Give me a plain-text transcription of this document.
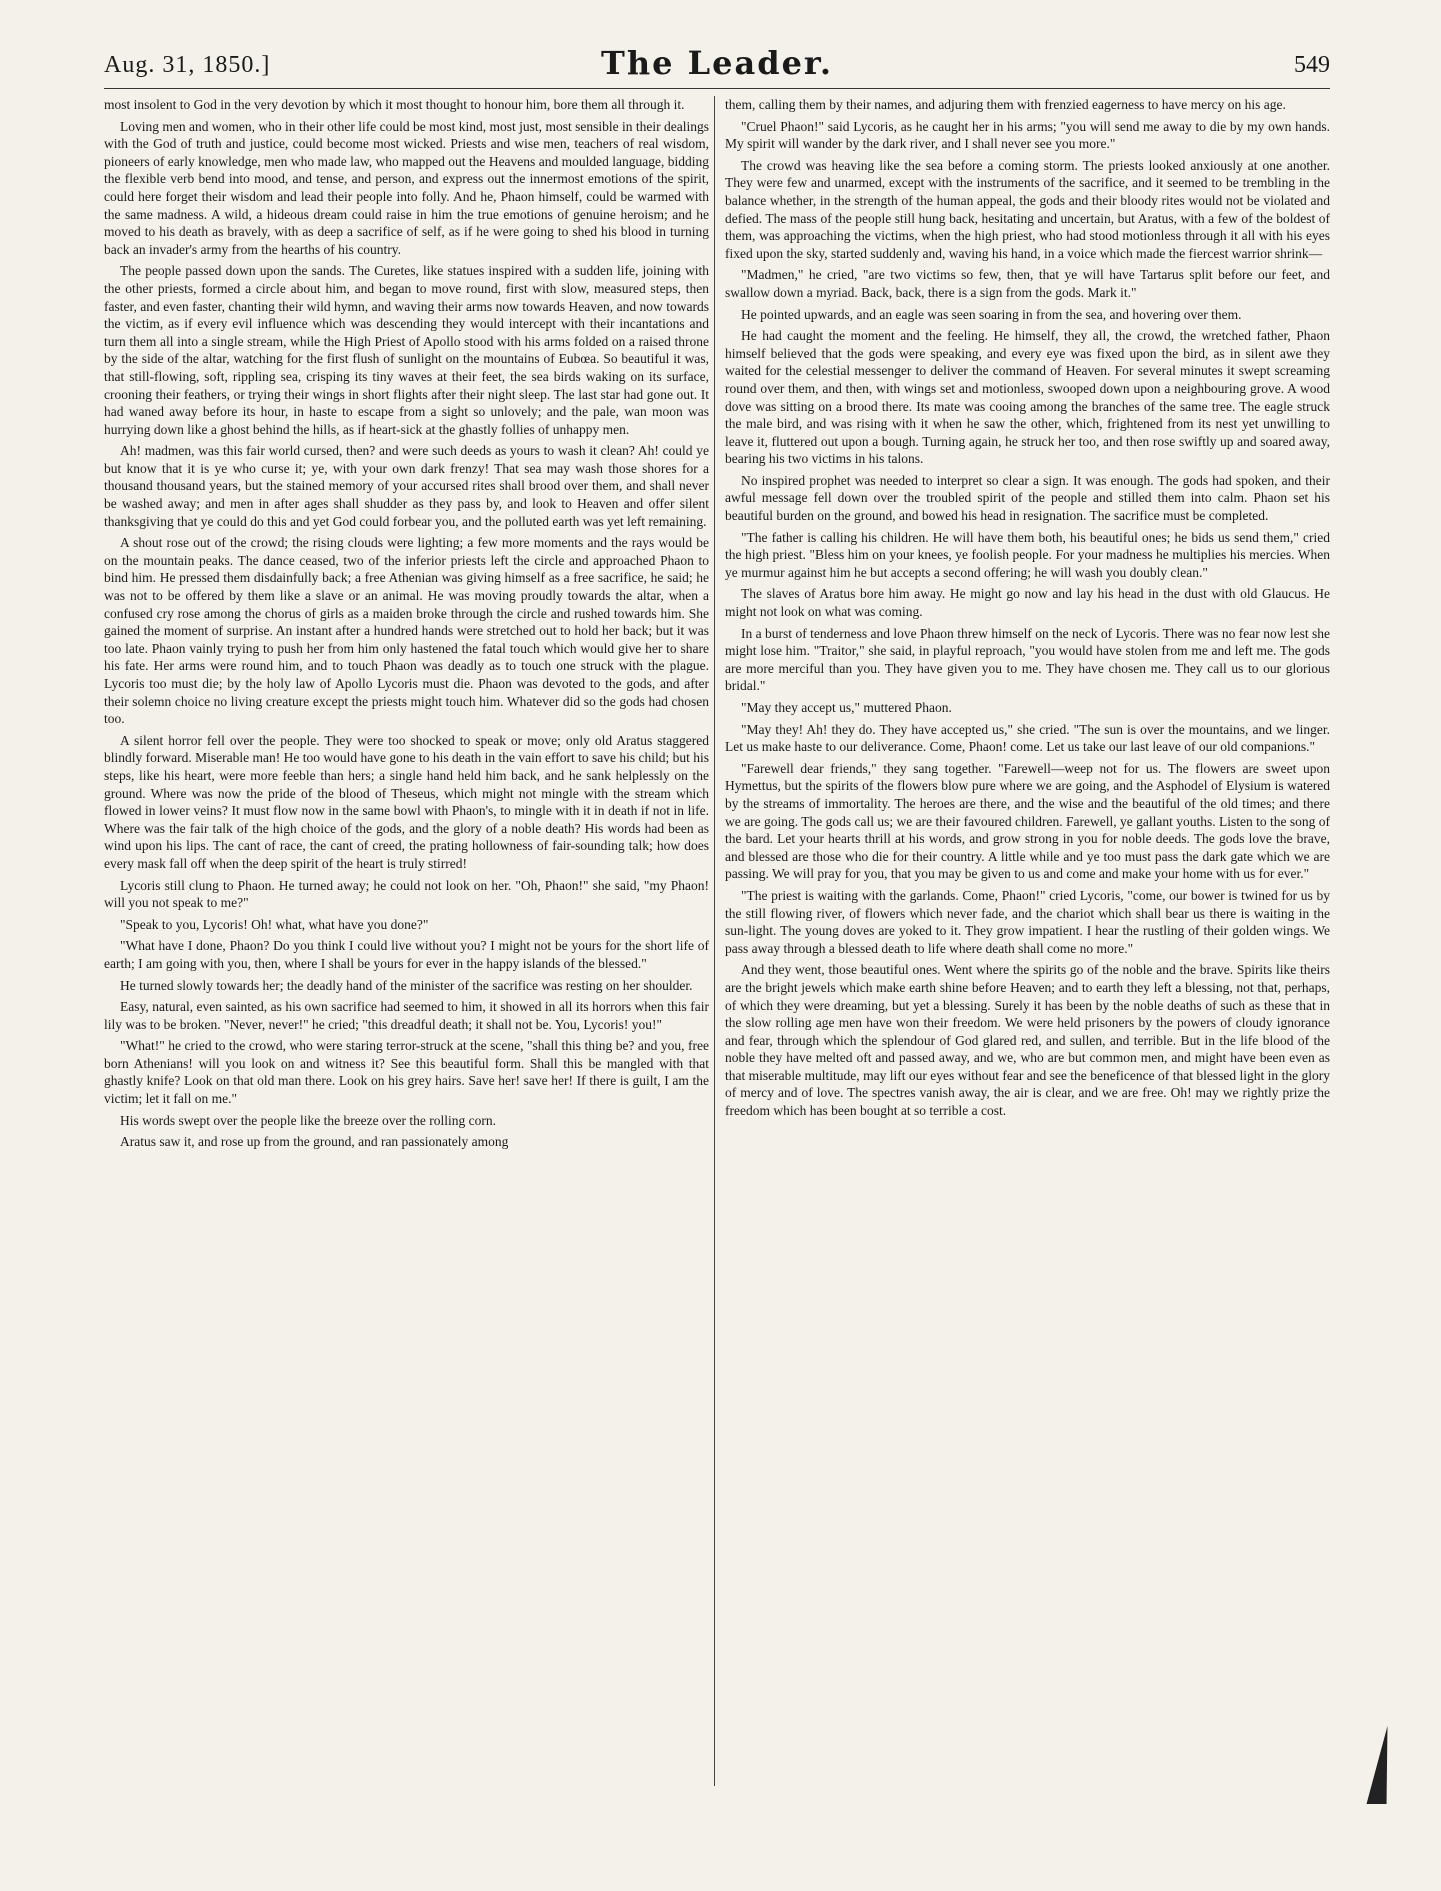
Aug. 31, 1850.]	The Leader.	549

most insolent to God in the very devotion by which it most thought to honour him, bore them all through it.

Loving men and women, who in their other life could be most kind, most just, most sensible in their dealings with the God of truth and justice, could become most wicked. Priests and wise men, teachers of real wisdom, pioneers of early knowledge, men who made law, who mapped out the Heavens and moulded language, bidding the flexible verb bend into mood, and tense, and person, and express out the innermost emotions of the spirit, could here forget their wisdom and lead their people into folly. And he, Phaon himself, could be warmed with the same madness. A wild, a hideous dream could raise in him the true emotions of genuine heroism; and he moved to his death as bravely, with as deep a sacrifice of self, as if he were going to shed his blood in turning back an invader's army from the hearths of his country.

The people passed down upon the sands. The Curetes, like statues inspired with a sudden life, joining with the other priests, formed a circle about him, and began to move round, first with slow, measured steps, then faster, and even faster, chanting their wild hymn, and waving their arms now towards Heaven, and now towards the victim, as if every evil influence which was descending they would intercept with their incantations and turn them all into a single stream, while the High Priest of Apollo stood with his arms folded on a raised throne by the side of the altar, watching for the first flush of sunlight on the mountains of Eubœa. So beautiful it was, that still-flowing, soft, rippling sea, crisping its tiny waves at their feet, the sea birds waking on its surface, crooning their feathers, or trying their wings in short flights after their night sleep. The last star had gone out. It had waned away before its hour, in haste to escape from a sight so unlovely; and the pale, wan moon was hurrying down like a ghost behind the hills, as if heart-sick at the ghastly follies of unhappy men.

Ah! madmen, was this fair world cursed, then? and were such deeds as yours to wash it clean? Ah! could ye but know that it is ye who curse it; ye, with your own dark frenzy! That sea may wash those shores for a thousand thousand years, but the stained memory of your accursed rites shall brood over them, and shall never be washed away; and men in after ages shall shudder as they pass by, and look to Heaven and offer silent thanksgiving that ye could do this and yet God could forbear you, and the polluted earth was yet left remaining.

A shout rose out of the crowd; the rising clouds were lighting; a few more moments and the rays would be on the mountain peaks. The dance ceased, two of the inferior priests left the circle and approached Phaon to bind him. He pressed them disdainfully back; a free Athenian was giving himself as a free sacrifice, he said; he was not to be offered by them like a slave or an animal. He was moving proudly towards the altar, when a confused cry rose among the chorus of girls as a maiden broke through the circle and rushed towards him. She gained the moment of surprise. An instant after a hundred hands were stretched out to hold her back; but it was too late. Phaon vainly trying to push her from him only hastened the fatal touch which would give her to share his fate. Her arms were round him, and to touch Phaon was deadly as to touch one struck with the plague. Lycoris too must die; by the holy law of Apollo Lycoris must die. Phaon was devoted to the gods, and after their solemn choice no living creature except the priests might touch him. Whatever did so the gods had chosen too.

A silent horror fell over the people. They were too shocked to speak or move; only old Aratus staggered blindly forward. Miserable man! He too would have gone to his death in the vain effort to save his child; but his steps, like his heart, were more feeble than hers; a single hand held him back, and he sank helplessly on the ground. Where was now the pride of the blood of Theseus, which might not mingle with the stream which flowed in lower veins? It must flow now in the same bowl with Phaon's, to mingle with it in death if not in life. Where was the fair talk of the high choice of the gods, and the glory of a noble death? His words had been as wind upon his lips. The cant of race, the cant of creed, the prating hollowness of fair-sounding talk; how does every mask fall off when the deep spirit of the heart is truly stirred!

Lycoris still clung to Phaon. He turned away; he could not look on her. "Oh, Phaon!" she said, "my Phaon! will you not speak to me?"

"Speak to you, Lycoris! Oh! what, what have you done?"

"What have I done, Phaon? Do you think I could live without you? I might not be yours for the short life of earth; I am going with you, then, where I shall be yours for ever in the happy islands of the blessed."

He turned slowly towards her; the deadly hand of the minister of the sacrifice was resting on her shoulder.

Easy, natural, even sainted, as his own sacrifice had seemed to him, it showed in all its horrors when this fair lily was to be broken. "Never, never!" he cried; "this dreadful death; it shall not be. You, Lycoris! you!"

"What!" he cried to the crowd, who were staring terror-struck at the scene, "shall this thing be? and you, free born Athenians! will you look on and witness it? See this beautiful form. Shall this be mangled with that ghastly knife? Look on that old man there. Look on his grey hairs. Save her! save her! If there is guilt, I am the victim; let it fall on me."

His words swept over the people like the breeze over the rolling corn.

Aratus saw it, and rose up from the ground, and ran passionately among

them, calling them by their names, and adjuring them with frenzied eagerness to have mercy on his age.

"Cruel Phaon!" said Lycoris, as he caught her in his arms; "you will send me away to die by my own hands. My spirit will wander by the dark river, and I shall never see you more."

The crowd was heaving like the sea before a coming storm. The priests looked anxiously at one another. They were few and unarmed, except with the instruments of the sacrifice, and it seemed to be trembling in the balance whether, in the strength of the human appeal, the gods and their bloody rites would not be violated and defied. The mass of the people still hung back, hesitating and uncertain, but Aratus, with a few of the boldest of them, was approaching the victims, when the high priest, who had stood motionless through it all with his eyes fixed upon the sky, started suddenly and, waving his hand, in a voice which made the fiercest warrior shrink—

"Madmen," he cried, "are two victims so few, then, that ye will have Tartarus split before our feet, and swallow down a myriad. Back, back, there is a sign from the gods. Mark it."

He pointed upwards, and an eagle was seen soaring in from the sea, and hovering over them.

He had caught the moment and the feeling. He himself, they all, the crowd, the wretched father, Phaon himself believed that the gods were speaking, and every eye was fixed upon the bird, as in silent awe they waited for the celestial messenger to deliver the command of Heaven. For several minutes it swept screaming round over them, and then, with wings set and motionless, swooped down upon a neighbouring grove. A wood dove was sitting on a brood there. Its mate was cooing among the branches of the same tree. The eagle struck the male bird, and was rising with it when he saw the other, which, frightened from its nest yet unwilling to leave it, fluttered out upon a bough. Turning again, he struck her too, and then rose swiftly up and soared away, bearing his two victims in his talons.

No inspired prophet was needed to interpret so clear a sign. It was enough. The gods had spoken, and their awful message fell down over the troubled spirit of the people and stilled them into calm. Phaon set his beautiful burden on the ground, and bowed his head in resignation. The sacrifice must be completed.

"The father is calling his children. He will have them both, his beautiful ones; he bids us send them," cried the high priest. "Bless him on your knees, ye foolish people. For your madness he multiplies his mercies. When ye murmur against him he but accepts a second offering; he will wash you doubly clean."

The slaves of Aratus bore him away. He might go now and lay his head in the dust with old Glaucus. He might not look on what was coming.

In a burst of tenderness and love Phaon threw himself on the neck of Lycoris. There was no fear now lest she might lose him. "Traitor," she said, in playful reproach, "you would have stolen from me and left me. The gods are more merciful than you. They have given you to me. They have chosen me. They call us to our glorious bridal."

"May they accept us," muttered Phaon.

"May they! Ah! they do. They have accepted us," she cried. "The sun is over the mountains, and we linger. Let us make haste to our deliverance. Come, Phaon! come. Let us take our last leave of our old companions."

"Farewell dear friends," they sang together. "Farewell—weep not for us. The flowers are sweet upon Hymettus, but the spirits of the flowers blow pure where we are going, and the Asphodel of Elysium is watered by the streams of immortality. The heroes are there, and the wise and the beautiful of the old times; and there we are going. The gods call us; we are their favoured children. Farewell, ye gallant youths. Listen to the song of the bard. Let your hearts thrill at his words, and grow strong in you for noble deeds. The gods love the brave, and blessed are those who die for their country. A little while and ye too must pass the dark gate which we are passing. We will pray for you, that you may be given to us and come and make your home with us for ever."

"The priest is waiting with the garlands. Come, Phaon!" cried Lycoris, "come, our bower is twined for us by the still flowing river, of flowers which never fade, and the chariot which shall bear us there is waiting in the sun-light. The young doves are yoked to it. They grow impatient. I hear the rustling of their golden wings. We pass away through a blessed death to life where death shall come no more."

And they went, those beautiful ones. Went where the spirits go of the noble and the brave. Spirits like theirs are the bright jewels which make earth shine before Heaven; and to earth they left a blessing, not that, perhaps, of which they were dreaming, but yet a blessing. Surely it has been by the noble deaths of such as these that in the slow rolling age men have won their freedom. We were held prisoners by the powers of cloudy ignorance and fear, through which the splendour of God glared red, and sullen, and terrible. But in the life blood of the noble they have melted oft and passed away, and we, who are but common men, and might have been even as that miserable multitude, may lift our eyes without fear and see the beneficence of that blessed light in the glory of mercy and of love. The spectres vanish away, the air is clear, and we are free. Oh! may we rightly prize the freedom which has been bought at so terrible a cost.
